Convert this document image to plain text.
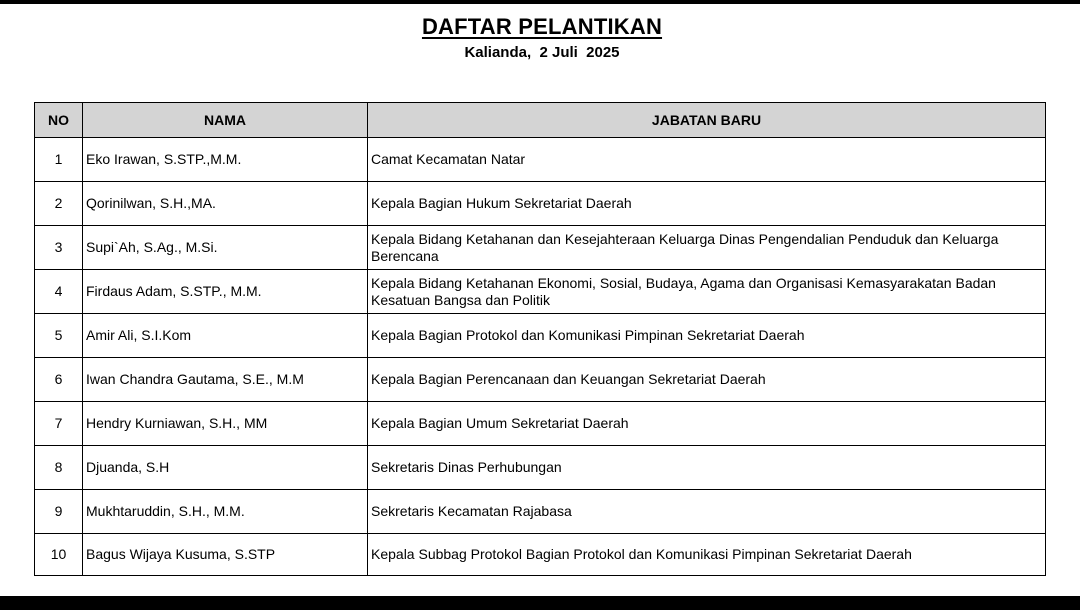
DAFTAR PELANTIKAN
Kalianda,  2 Juli  2025
NO	NAMA	JABATAN BARU
1	Eko Irawan, S.STP.,M.M.	Camat Kecamatan Natar
2	Qorinilwan, S.H.,MA.	Kepala Bagian Hukum Sekretariat Daerah
3	Supi`Ah, S.Ag., M.Si.	Kepala Bidang Ketahanan dan Kesejahteraan Keluarga Dinas Pengendalian Penduduk dan Keluarga Berencana
4	Firdaus Adam, S.STP., M.M.	Kepala Bidang Ketahanan Ekonomi, Sosial, Budaya, Agama dan Organisasi Kemasyarakatan Badan Kesatuan Bangsa dan Politik
5	Amir Ali, S.I.Kom	Kepala Bagian Protokol dan Komunikasi Pimpinan Sekretariat Daerah
6	Iwan Chandra Gautama, S.E., M.M	Kepala Bagian Perencanaan dan Keuangan Sekretariat Daerah
7	Hendry Kurniawan, S.H., MM	Kepala Bagian Umum Sekretariat Daerah
8	Djuanda, S.H	Sekretaris Dinas Perhubungan
9	Mukhtaruddin, S.H., M.M.	Sekretaris Kecamatan Rajabasa
10	Bagus Wijaya Kusuma, S.STP	Kepala Subbag Protokol Bagian Protokol dan Komunikasi Pimpinan Sekretariat Daerah
